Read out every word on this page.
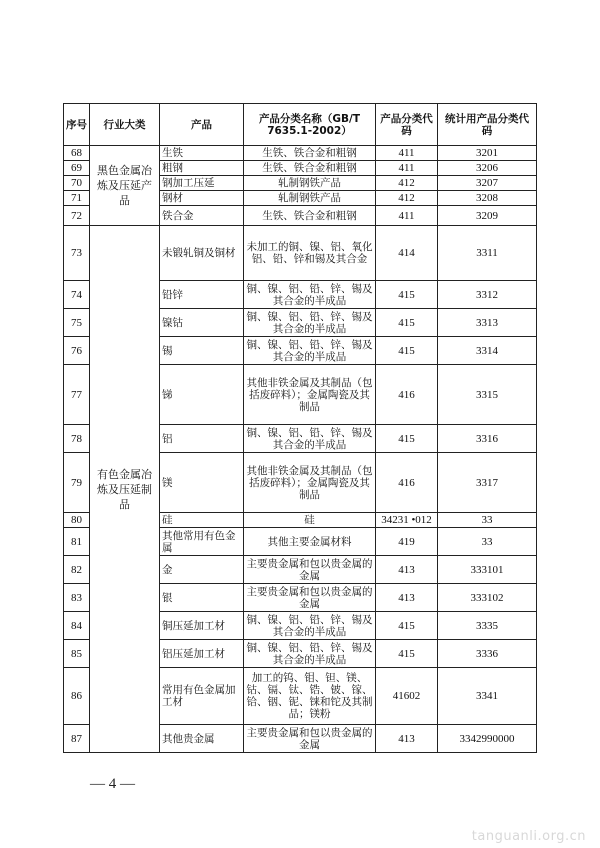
序号	行业大类	产品	产品分类名称（GB/T 7635.1-2002）	产品分类代码	统计用产品分类代码
68	黑色金属冶炼及压延产品	生铁	生铁、铁合金和粗钢	411	3201
69		粗钢	生铁、铁合金和粗钢	411	3206
70		钢加工压延	轧制钢铁产品	412	3207
71		钢材	轧制钢铁产品	412	3208
72		铁合金	生铁、铁合金和粗钢	411	3209
73	有色金属冶炼及压延制品	未锻轧铜及铜材	未加工的铜、镍、铝、氧化铝、铅、锌和锡及其合金	414	3311
74		铅锌	铜、镍、铝、铅、锌、锡及其合金的半成品	415	3312
75		镍钴	铜、镍、铝、铅、锌、锡及其合金的半成品	415	3313
76		锡	铜、镍、铝、铅、锌、锡及其合金的半成品	415	3314
77		锑	其他非铁金属及其制品（包括废碎料）；金属陶瓷及其制品	416	3315
78		铝	铜、镍、铝、铅、锌、锡及其合金的半成品	415	3316
79		镁	其他非铁金属及其制品（包括废碎料）；金属陶瓷及其制品	416	3317
80		硅	硅	34231 •012	33
81		其他常用有色金属	其他主要金属材料	419	33
82		金	主要贵金属和包以贵金属的金属	413	333101
83		银	主要贵金属和包以贵金属的金属	413	333102
84		铜压延加工材	铜、镍、铝、铅、锌、锡及其合金的半成品	415	3335
85		铝压延加工材	铜、镍、铝、铅、锌、锡及其合金的半成品	415	3336
86		常用有色金属加工材	加工的钨、钼、钽、镁、钴、镉、钛、锆、铍、镓、铪、铟、铌、铼和铊及其制品；镁粉	41602	3341
87		其他贵金属	主要贵金属和包以贵金属的金属	413	3342990000
— 4 —
tanguanli.org.cn
